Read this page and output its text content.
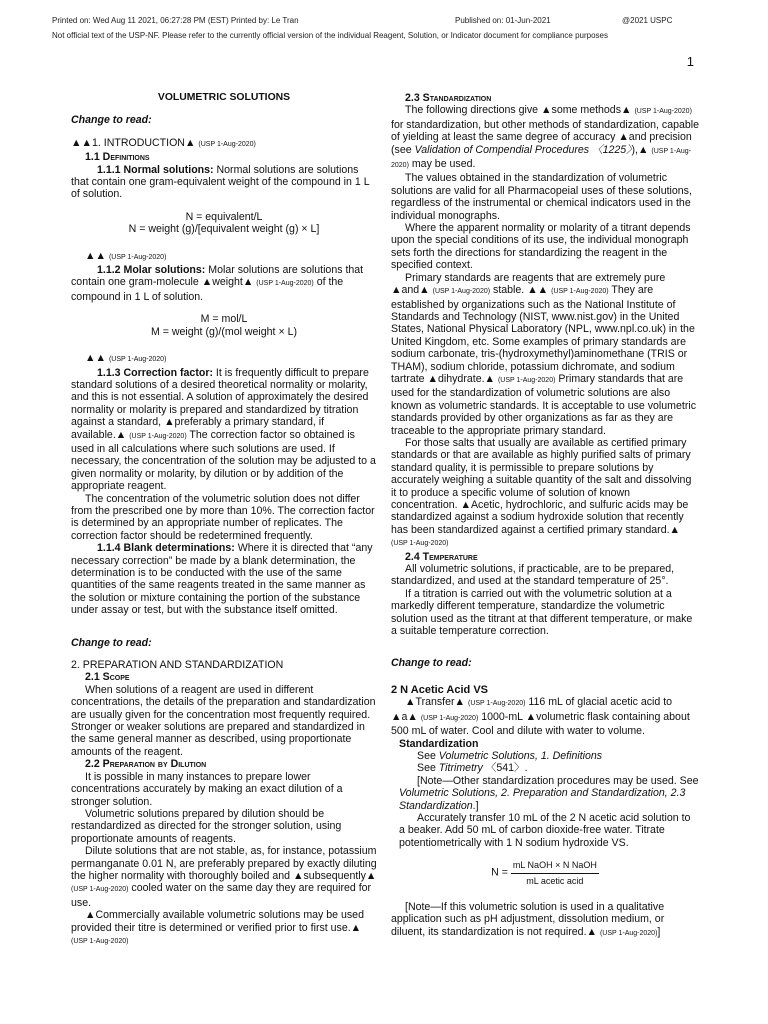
Printed on: Wed Aug 11 2021, 06:27:28 PM (EST) Printed by: Le Tran	Published on: 01-Jun-2021	@2021 USPC
Not official text of the USP-NF. Please refer to the currently official version of the individual Reagent, Solution, or Indicator document for compliance purposes
1

VOLUMETRIC SOLUTIONS

Change to read:

▲▲1. INTRODUCTION▲ (USP 1-Aug-2020)

1.1 Definitions

1.1.1 Normal solutions: Normal solutions are solutions that contain one gram-equivalent weight of the compound in 1 L of solution.

N = equivalent/L

N = weight (g)/[equivalent weight (g) × L]

▲▲ (USP 1-Aug-2020)

1.1.2 Molar solutions: Molar solutions are solutions that contain one gram-molecule ▲weight▲ (USP 1-Aug-2020) of the compound in 1 L of solution.

M = mol/L

M = weight (g)/(mol weight × L)

▲▲ (USP 1-Aug-2020)

1.1.3 Correction factor: It is frequently difficult to prepare standard solutions of a desired theoretical normality or molarity, and this is not essential. A solution of approximately the desired normality or molarity is prepared and standardized by titration against a standard, ▲preferably a primary standard, if available.▲ (USP 1-Aug-2020) The correction factor so obtained is used in all calculations where such solutions are used. If necessary, the concentration of the solution may be adjusted to a given normality or molarity, by dilution or by addition of the appropriate reagent.

The concentration of the volumetric solution does not differ from the prescribed one by more than 10%. The correction factor is determined by an appropriate number of replicates. The correction factor should be redetermined frequently.

1.1.4 Blank determinations: Where it is directed that “any necessary correction” be made by a blank determination, the determination is to be conducted with the use of the same quantities of the same reagents treated in the same manner as the solution or mixture containing the portion of the substance under assay or test, but with the substance itself omitted.

Change to read:

2. PREPARATION AND STANDARDIZATION

2.1 Scope

When solutions of a reagent are used in different concentrations, the details of the preparation and standardization are usually given for the concentration most frequently required. Stronger or weaker solutions are prepared and standardized in the same general manner as described, using proportionate amounts of the reagent.

2.2 Preparation by Dilution

It is possible in many instances to prepare lower concentrations accurately by making an exact dilution of a stronger solution.

Volumetric solutions prepared by dilution should be restandardized as directed for the stronger solution, using proportionate amounts of reagents.

Dilute solutions that are not stable, as, for instance, potassium permanganate 0.01 N, are preferably prepared by exactly diluting the higher normality with thoroughly boiled and ▲subsequently▲ (USP 1-Aug-2020) cooled water on the same day they are required for use.

▲Commercially available volumetric solutions may be used provided their titre is determined or verified prior to first use.▲ (USP 1-Aug-2020)

2.3 Standardization

The following directions give ▲some methods▲ (USP 1-Aug-2020) for standardization, but other methods of standardization, capable of yielding at least the same degree of accuracy ▲and precision (see Validation of Compendial Procedures 〈1225〉),▲ (USP 1-Aug-2020) may be used.

The values obtained in the standardization of volumetric solutions are valid for all Pharmacopeial uses of these solutions, regardless of the instrumental or chemical indicators used in the individual monographs.

Where the apparent normality or molarity of a titrant depends upon the special conditions of its use, the individual monograph sets forth the directions for standardizing the reagent in the specified context.

Primary standards are reagents that are extremely pure ▲and▲ (USP 1-Aug-2020) stable. ▲▲ (USP 1-Aug-2020) They are established by organizations such as the National Institute of Standards and Technology (NIST, www.nist.gov) in the United States, National Physical Laboratory (NPL, www.npl.co.uk) in the United Kingdom, etc. Some examples of primary standards are sodium carbonate, tris-(hydroxymethyl)aminomethane (TRIS or THAM), sodium chloride, potassium dichromate, and sodium tartrate ▲dihydrate.▲ (USP 1-Aug-2020) Primary standards that are used for the standardization of volumetric solutions are also known as volumetric standards. It is acceptable to use volumetric standards provided by other organizations as far as they are traceable to the appropriate primary standard.

For those salts that usually are available as certified primary standards or that are available as highly purified salts of primary standard quality, it is permissible to prepare solutions by accurately weighing a suitable quantity of the salt and dissolving it to produce a specific volume of solution of known concentration. ▲Acetic, hydrochloric, and sulfuric acids may be standardized against a sodium hydroxide solution that recently has been standardized against a certified primary standard.▲ (USP 1-Aug-2020)

2.4 Temperature

All volumetric solutions, if practicable, are to be prepared, standardized, and used at the standard temperature of 25°.

If a titration is carried out with the volumetric solution at a markedly different temperature, standardize the volumetric solution used as the titrant at that different temperature, or make a suitable temperature correction.

Change to read:

2 N Acetic Acid VS

▲Transfer▲ (USP 1-Aug-2020) 116 mL of glacial acetic acid to ▲a▲ (USP 1-Aug-2020) 1000-mL ▲volumetric flask containing about 500 mL of water. Cool and dilute with water to volume.

Standardization

See Volumetric Solutions, 1. Definitions

See Titrimetry 〈541〉.

[Note—Other standardization procedures may be used. See Volumetric Solutions, 2. Preparation and Standardization, 2.3 Standardization.]

Accurately transfer 10 mL of the 2 N acetic acid solution to a beaker. Add 50 mL of carbon dioxide-free water. Titrate potentiometrically with 1 N sodium hydroxide VS.

$N = \frac{\text{mL NaOH × N NaOH}}{\text{mL acetic acid}}$

[Note—If this volumetric solution is used in a qualitative application such as pH adjustment, dissolution medium, or diluent, its standardization is not required.▲ (USP 1-Aug-2020)]
